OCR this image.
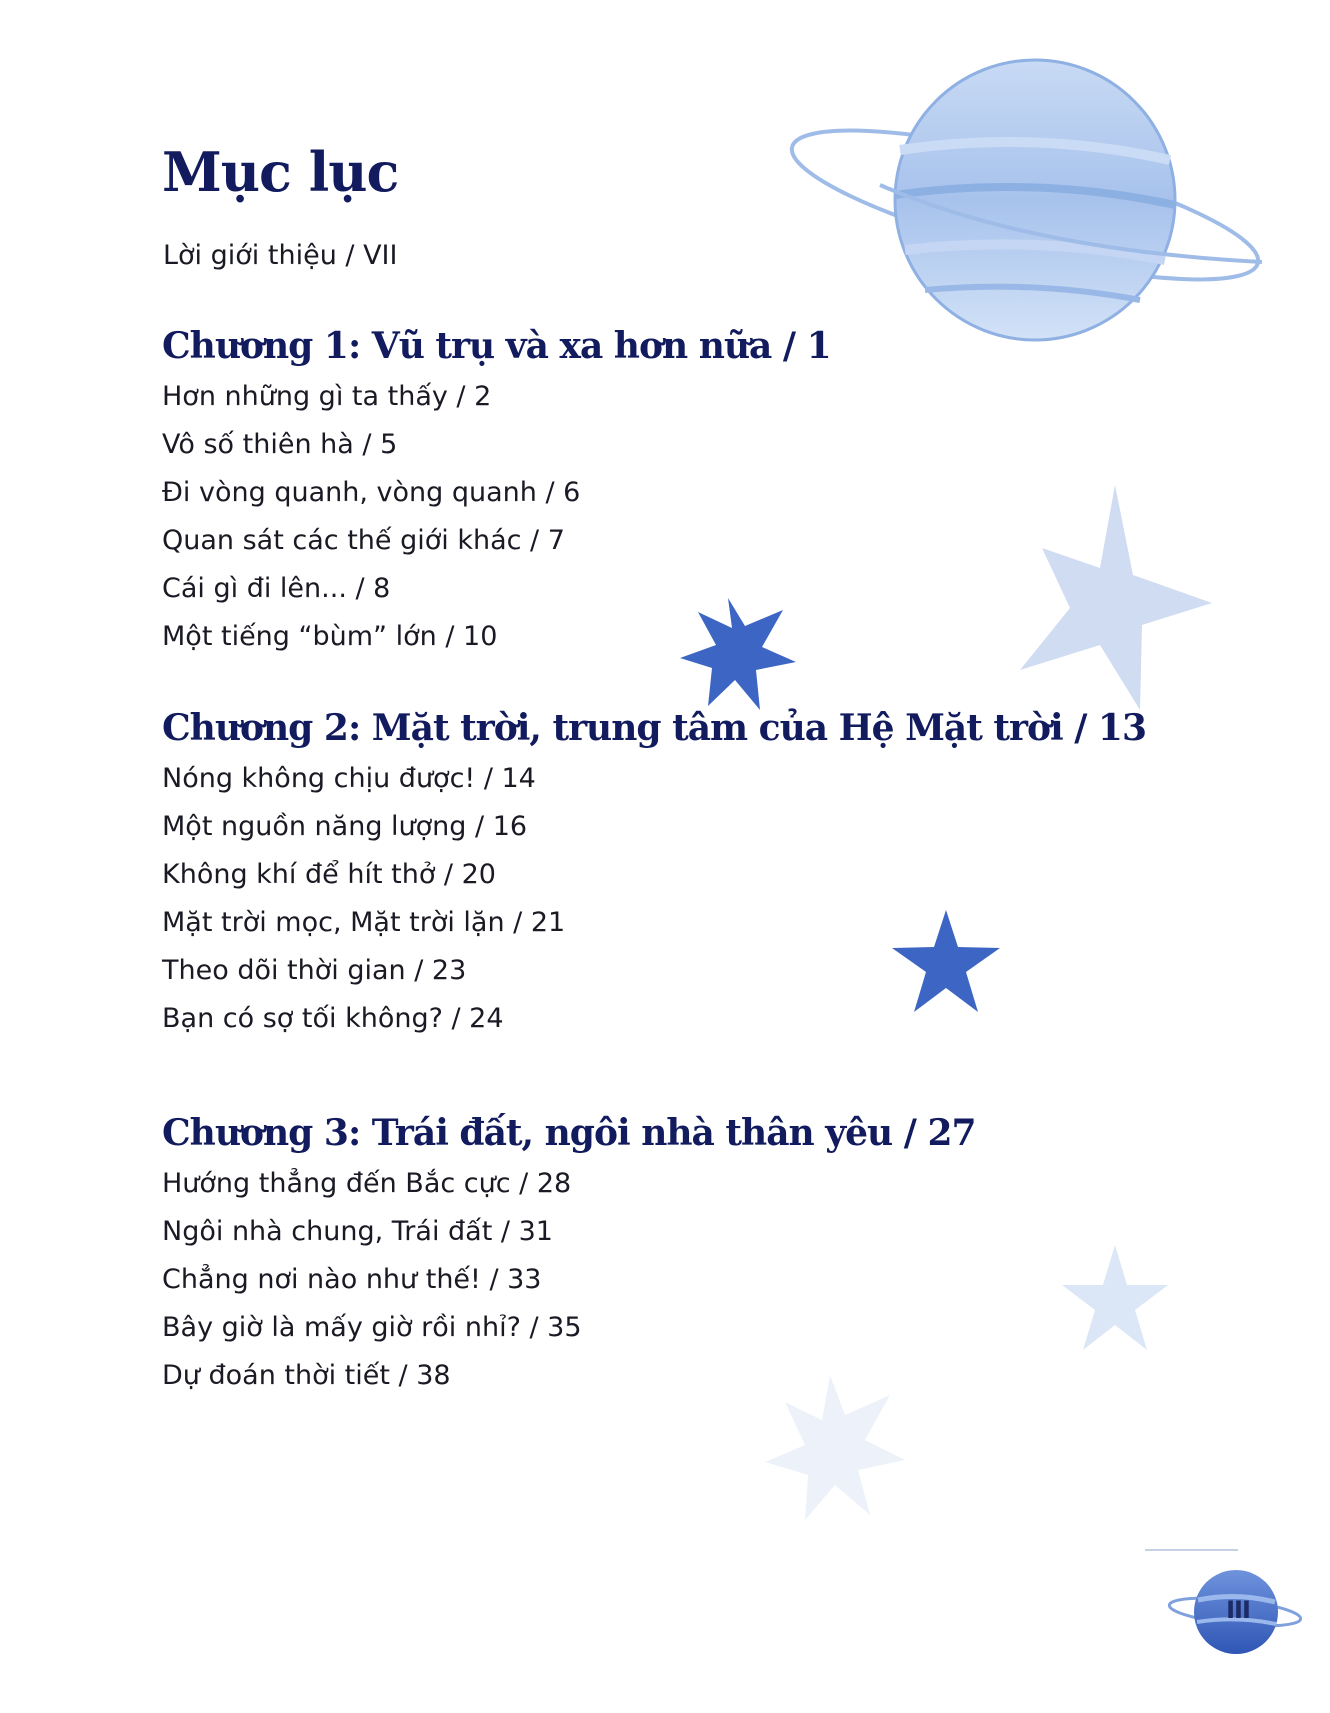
Mục lục
Lời giới thiệu / VII
Chương 1: Vũ trụ và xa hơn nữa / 1
Hơn những gì ta thấy / 2
Vô số thiên hà / 5
Đi vòng quanh, vòng quanh / 6
Quan sát các thế giới khác / 7
Cái gì đi lên... / 8
Một tiếng “bùm” lớn / 10
Chương 2: Mặt trời, trung tâm của Hệ Mặt trời / 13
Nóng không chịu được! / 14
Một nguồn năng lượng / 16
Không khí để hít thở / 20
Mặt trời mọc, Mặt trời lặn / 21
Theo dõi thời gian / 23
Bạn có sợ tối không? / 24
Chương 3: Trái đất, ngôi nhà thân yêu / 27
Hướng thẳng đến Bắc cực / 28
Ngôi nhà chung, Trái đất / 31
Chẳng nơi nào như thế! / 33
Bây giờ là mấy giờ rồi nhỉ? / 35
Dự đoán thời tiết / 38
III
